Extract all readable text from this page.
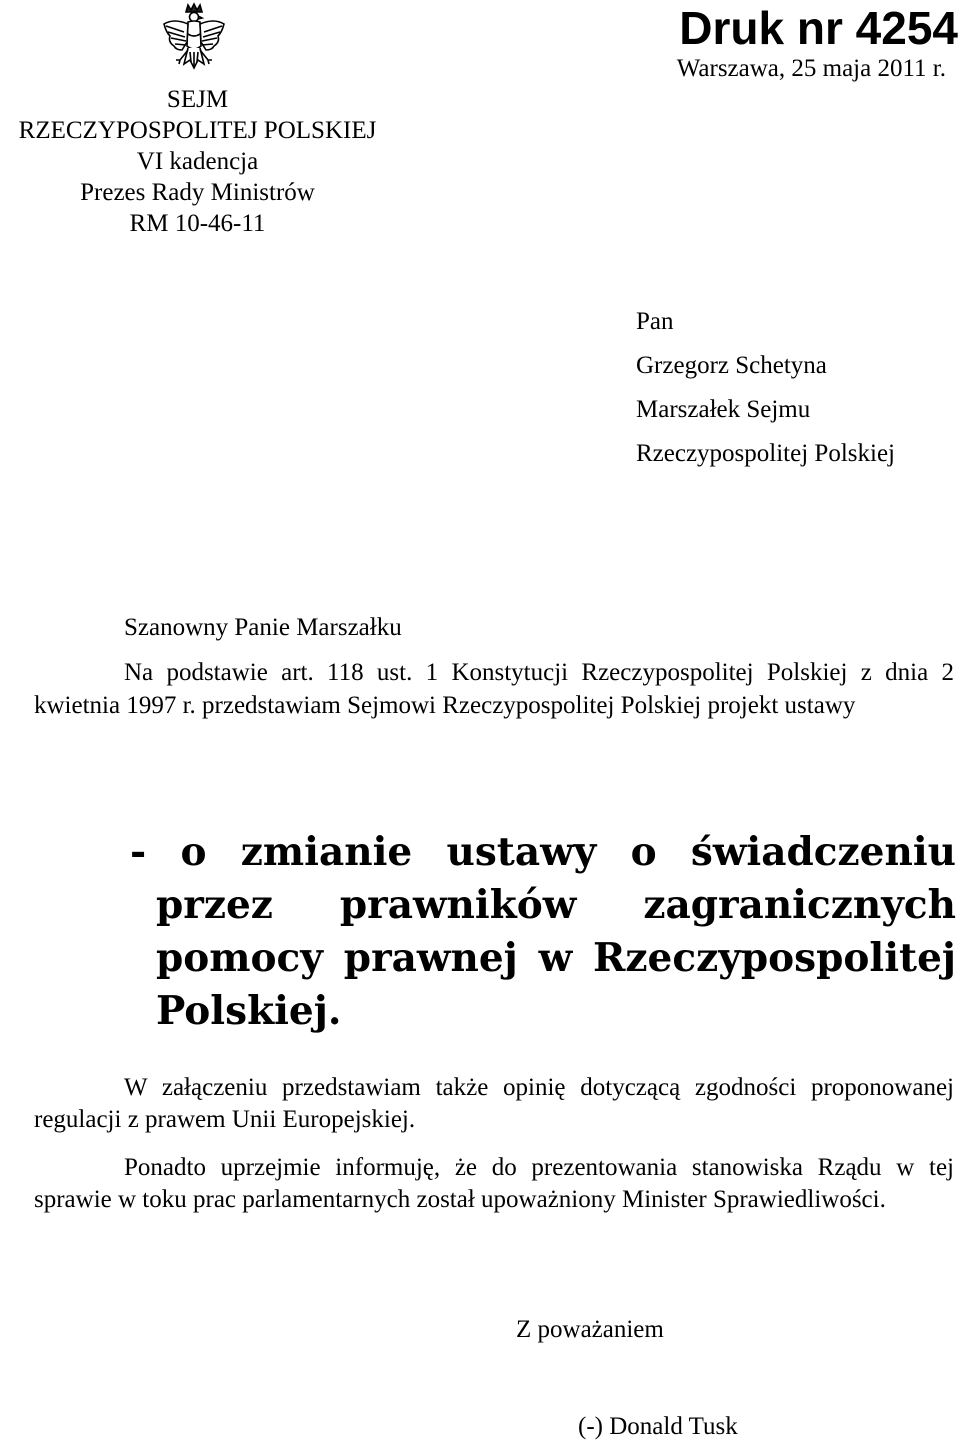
SEJM
RZECZYPOSPOLITEJ POLSKIEJ
VI kadencja
Prezes Rady Ministrów
RM 10-46-11
Druk nr 4254
Warszawa, 25 maja 2011 r.
Pan
Grzegorz Schetyna
Marszałek Sejmu
Rzeczypospolitej Polskiej
Szanowny Panie Marszałku
Na podstawie art. 118 ust. 1 Konstytucji Rzeczypospolitej Polskiej z dnia 2 kwietnia 1997 r. przedstawiam Sejmowi Rzeczypospolitej Polskiej projekt ustawy
- o zmianie ustawy o świadczeniu przez prawników zagranicznych pomocy prawnej w Rzeczypospolitej Polskiej.
W załączeniu przedstawiam także opinię dotyczącą zgodności proponowanej regulacji z prawem Unii Europejskiej.
Ponadto uprzejmie informuję, że do prezentowania stanowiska Rządu w tej sprawie w toku prac parlamentarnych został upoważniony Minister Sprawiedliwości.
Z poważaniem
(-) Donald Tusk
